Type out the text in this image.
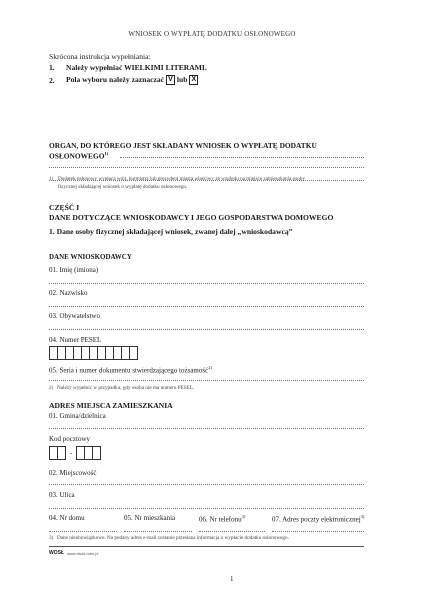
WNIOSEK O WYPŁATĘ DODATKU OSŁONOWEGO
Skrócona instrukcja wypełniania:
1. Należy wypełniać WIELKIMI LITERAMI.
2. Pola wyboru należy zaznaczać V lub X
ORGAN, DO KTÓREGO JEST SKŁADANY WNIOSEK O WYPŁATĘ DODATKU
OSŁONOWEGO$^{1)}$
1) Dodatek osłonowy wypłaca wójt, burmistrz lub prezydent miasta właściwy ze względu na miejsce zamieszkania osoby
fizycznej składającej wniosek o wypłatę dodatku osłonowego.
CZĘŚĆ I
DANE DOTYCZĄCE WNIOSKODAWCY I JEGO GOSPODARSTWA DOMOWEGO
1. Dane osoby fizycznej składającej wniosek, zwanej dalej „wnioskodawcą”
DANE WNIOSKODAWCY
01. Imię (imiona)
02. Nazwisko
03. Obywatelstwo
04. Numer PESEL
05. Seria i numer dokumentu stwierdzającego tożsamość$^{2)}$
2) Należy wypełnić w przypadku, gdy osoba nie ma numeru PESEL.
ADRES MIEJSCA ZAMIESZKANIA
01. Gmina/dzielnica
Kod pocztowy
-
02. Miejscowość
03. Ulica
04. Nr domu	05. Nr mieszkania	06. Nr telefonu$^{3)}$	07. Adres poczty elektronicznej$^{3)}$
3) Dane nieobowiązkowe. Na podany adres e-mail zostanie przesłana informacja o wypłacie dodatku osłonowego.
WOSŁ www.druki-mbs.pl
1
